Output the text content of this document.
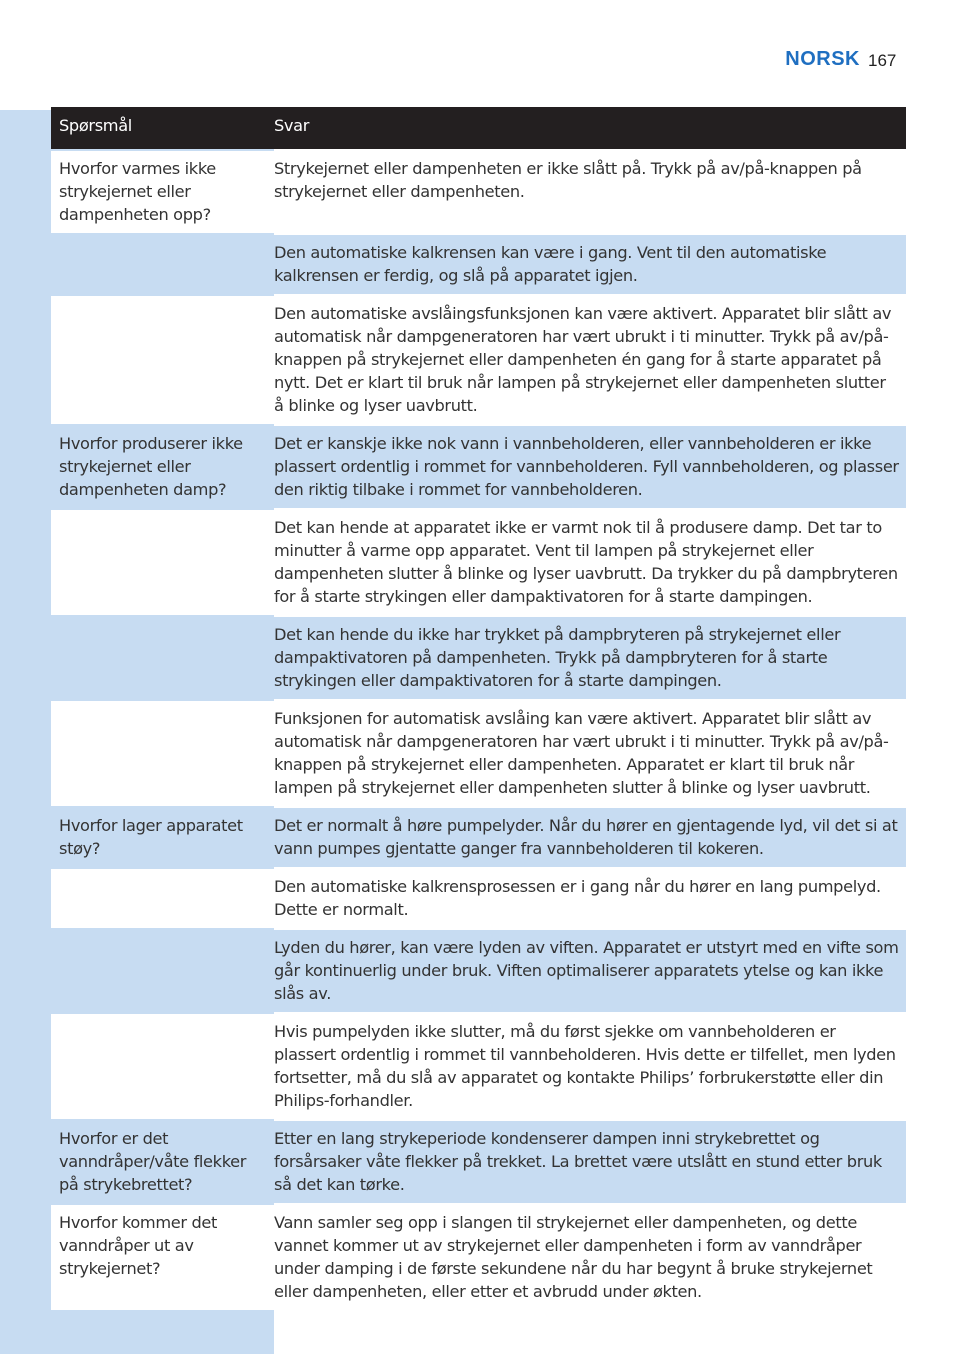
NORSK 167
Spørsmål	Svar
Hvorfor varmes ikke strykejernet eller dampenheten opp?	Strykejernet eller dampenheten er ikke slått på. Trykk på av/på-knappen på strykejernet eller dampenheten.
	Den automatiske kalkrensen kan være i gang. Vent til den automatiske kalkrensen er ferdig, og slå på apparatet igjen.
	Den automatiske avslåingsfunksjonen kan være aktivert. Apparatet blir slått av automatisk når dampgeneratoren har vært ubrukt i ti minutter. Trykk på av/på-knappen på strykejernet eller dampenheten én gang for å starte apparatet på nytt. Det er klart til bruk når lampen på strykejernet eller dampenheten slutter å blinke og lyser uavbrutt.
Hvorfor produserer ikke strykejernet eller dampenheten damp?	Det er kanskje ikke nok vann i vannbeholderen, eller vannbeholderen er ikke plassert ordentlig i rommet for vannbeholderen. Fyll vannbeholderen, og plasser den riktig tilbake i rommet for vannbeholderen.
	Det kan hende at apparatet ikke er varmt nok til å produsere damp. Det tar to minutter å varme opp apparatet. Vent til lampen på strykejernet eller dampenheten slutter å blinke og lyser uavbrutt. Da trykker du på dampbryteren for å starte strykingen eller dampaktivatoren for å starte dampingen.
	Det kan hende du ikke har trykket på dampbryteren på strykejernet eller dampaktivatoren på dampenheten. Trykk på dampbryteren for å starte strykingen eller dampaktivatoren for å starte dampingen.
	Funksjonen for automatisk avslåing kan være aktivert. Apparatet blir slått av automatisk når dampgeneratoren har vært ubrukt i ti minutter. Trykk på av/på-knappen på strykejernet eller dampenheten. Apparatet er klart til bruk når lampen på strykejernet eller dampenheten slutter å blinke og lyser uavbrutt.
Hvorfor lager apparatet støy?	Det er normalt å høre pumpelyder. Når du hører en gjentagende lyd, vil det si at vann pumpes gjentatte ganger fra vannbeholderen til kokeren.
	Den automatiske kalkrensprosessen er i gang når du hører en lang pumpelyd. Dette er normalt.
	Lyden du hører, kan være lyden av viften. Apparatet er utstyrt med en vifte som går kontinuerlig under bruk. Viften optimaliserer apparatets ytelse og kan ikke slås av.
	Hvis pumpelyden ikke slutter, må du først sjekke om vannbeholderen er plassert ordentlig i rommet til vannbeholderen. Hvis dette er tilfellet, men lyden fortsetter, må du slå av apparatet og kontakte Philips’ forbrukerstøtte eller din Philips-forhandler.
Hvorfor er det vanndråper/våte flekker på strykebrettet?	Etter en lang strykeperiode kondenserer dampen inni strykebrettet og forsårsaker våte flekker på trekket. La brettet være utslått en stund etter bruk så det kan tørke.
Hvorfor kommer det vanndråper ut av strykejernet?	Vann samler seg opp i slangen til strykejernet eller dampenheten, og dette vannet kommer ut av strykejernet eller dampenheten i form av vanndråper under damping i de første sekundene når du har begynt å bruke strykejernet eller dampenheten, eller etter et avbrudd under økten.
